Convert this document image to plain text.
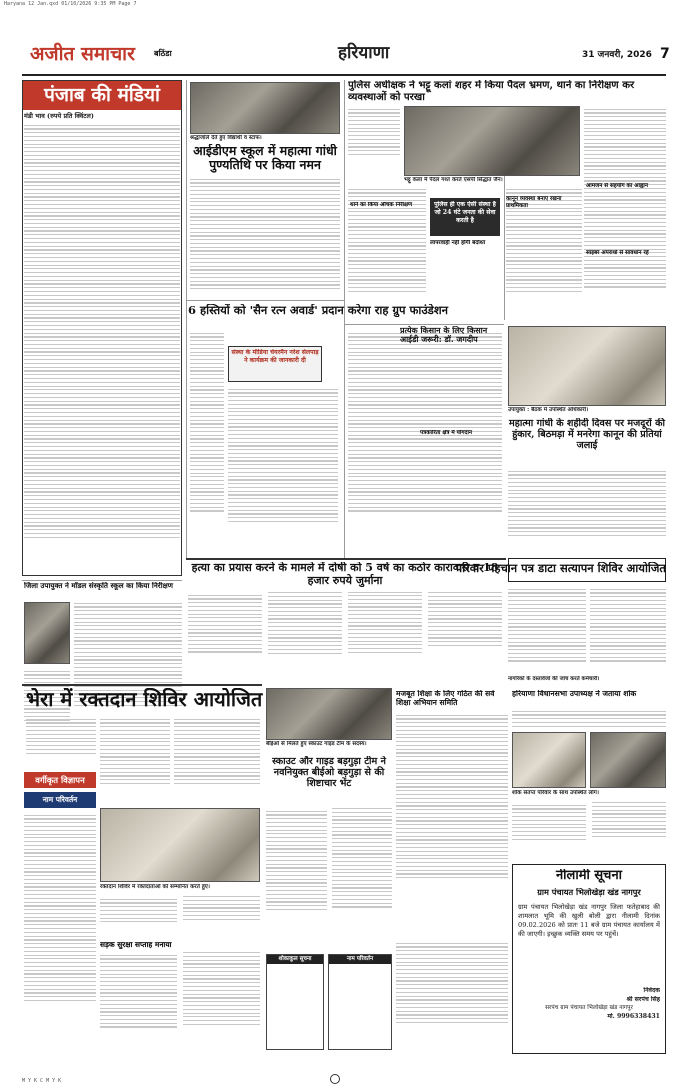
Haryana 12 Jan.qxd 01/10/2026 9:35 PM Page 7
अजीत समाचार बठिंडा	हरियाणा	31 जनवरी, 2026 7
पंजाब की मंडियां
मंडी भाव (रुपये प्रति क्विंटल)
श्रद्धांजलि देते हुए विद्यार्थी व स्टाफ।
आईडीएम स्कूल में महात्मा गांधी पुण्यतिथि पर किया नमन
6 हस्तियों को 'सैन रत्न अवार्ड' प्रदान करेगा राह ग्रुप फाउंडेशन
संस्था के मीडिया चेयरमैन नरेश सेलपाड़ ने कार्यक्रम की जानकारी दी
पत्रकारिता क्षेत्र में योगदान
पुलिस अधीक्षक ने भट्टू कलां शहर में किया पैदल भ्रमण, थाने का निरीक्षण कर व्यवस्थाओं को परखा
भट्टू कलां में पैदल गश्त करते एसपी सिद्धांत जैन।
आमजन से सहयोग का आह्वान
साइबर अपराधों से सावधान रहें
थाने का किया औचक निरीक्षण	पुलिस ही एक ऐसी संस्था है जो 24 घंटे जनता की सेवा करती है
कानून व्यवस्था बनाए रखना प्राथमिकता
लापरवाही नहीं होगी बर्दाश्त
प्रत्येक किसान के लिए किसान आईडी जरूरी: डॉ. जगदीप
उपायुक्त : बैठक में उपस्थित अधिकारी।
महात्मा गांधी के शहीदी दिवस पर मजदूरों की हुंकार, बिठमड़ा में मनरेगा कानून की प्रतियां जलाई
हत्या का प्रयास करने के मामले में दोषी को 5 वर्ष का कठोर कारावास व 18 हजार रुपये जुर्माना
परिवार पहचान पत्र डाटा सत्यापन शिविर आयोजित
जिला उपायुक्त ने मॉडल संस्कृति स्कूल का किया निरीक्षण
भेरा में रक्तदान शिविर आयोजित
रक्तदान शिविर में रक्तदाताओं को सम्मानित करते हुए।
सड़क सुरक्षा सप्ताह मनाया
वर्गीकृत विज्ञापन
नाम परिवर्तन
बीईओ से मिलते हुए स्काउट गाइड टीम के सदस्य।
स्काउट और गाइड बड़गुड़ा टीम ने नवनियुक्त बीईओ बड़गुड़ा से की शिष्टाचार भेंट
शोकाकुल सूचना	नाम परिवर्तन
मजबूत शिक्षा के लिए गठित की सर्व शिक्षा अभियान समिति
हरियाणा विधानसभा उपाध्यक्ष ने जताया शोक
शोक संतप्त परिवार के साथ उपस्थित लोग।
नीलामी सूचना
ग्राम पंचायत भिलोखेड़ा खंड नागपुर
ग्राम पंचायत भिलोखेड़ा खंड नागपुर जिला फतेहाबाद की शामलात भूमि की खुली बोली द्वारा नीलामी दिनांक 09.02.2026 को प्रातः 11 बजे ग्राम पंचायत कार्यालय में की जाएगी। इच्छुक व्यक्ति समय पर पहुंचें।
निवेदक
श्री सरपंच सिंह
सरपंच ग्राम पंचायत भिलोखेड़ा खंड नागपुर
मो. 9996338431
नागरिकों के दस्तावेजों की जांच करते कर्मचारी।
M Y K C M Y K
